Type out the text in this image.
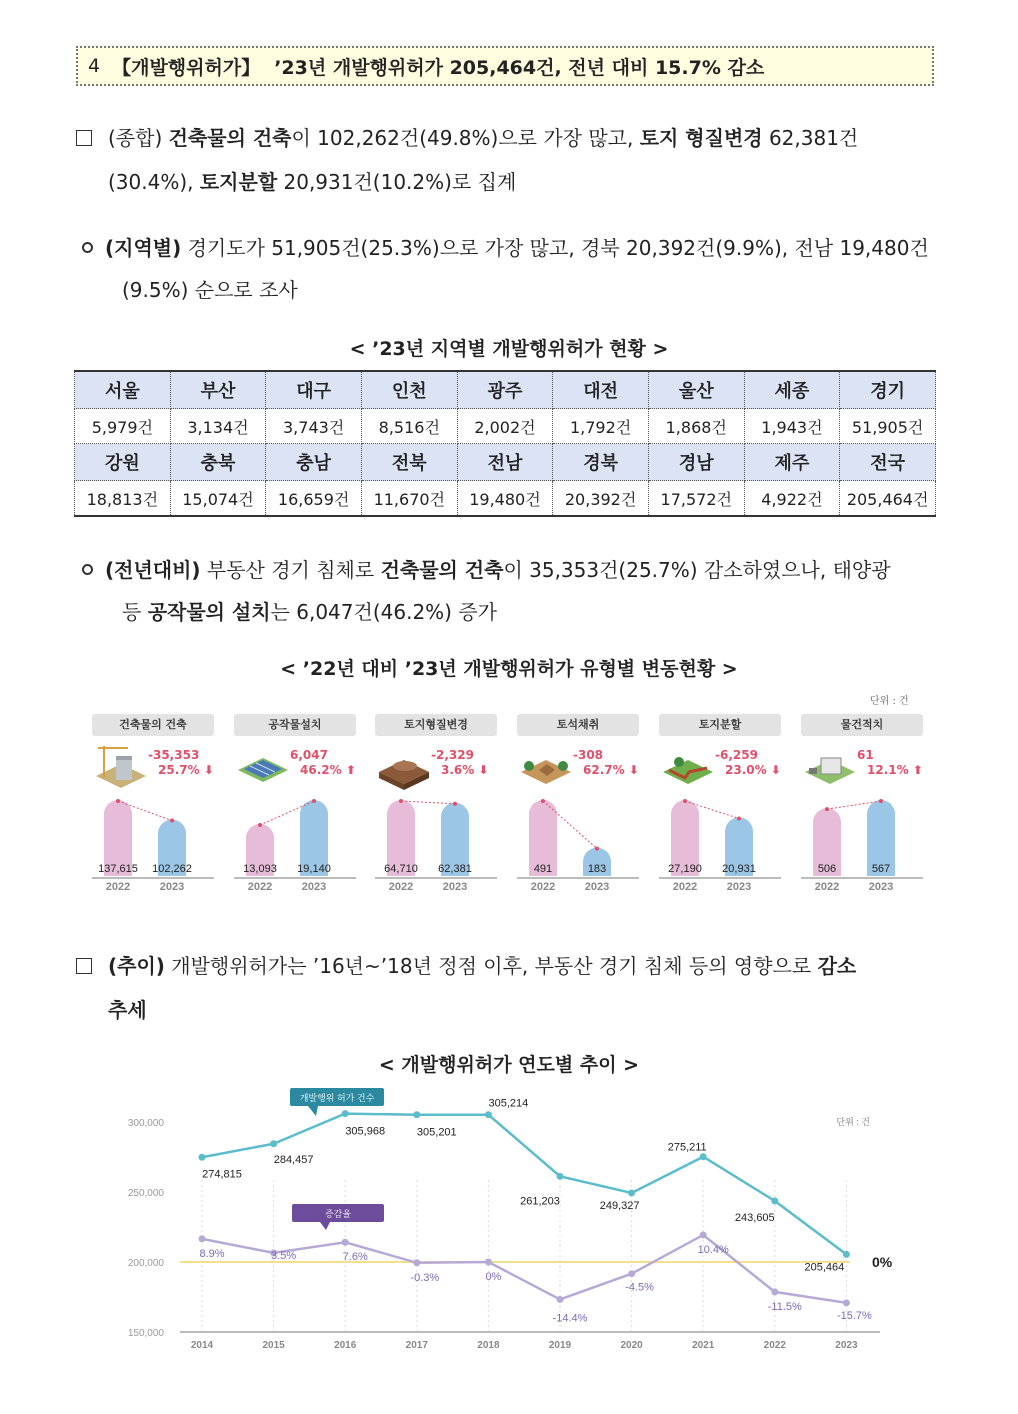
4 【개발행위허가】 ’23년 개발행위허가 205,464건, 전년 대비 15.7% 감소
(종합) 건축물의 건축이 102,262건(49.8%)으로 가장 많고, 토지 형질변경 62,381건
(30.4%), 토지분할 20,931건(10.2%)로 집계
(지역별) 경기도가 51,905건(25.3%)으로 가장 많고, 경북 20,392건(9.9%), 전남 19,480건
(9.5%) 순으로 조사
< ’23년 지역별 개발행위허가 현황 >
서울	부산	대구	인천	광주	대전	울산	세종	경기
5,979건	3,134건	3,743건	8,516건	2,002건	1,792건	1,868건	1,943건	51,905건
강원	충북	충남	전북	전남	경북	경남	제주	전국
18,813건	15,074건	16,659건	11,670건	19,480건	20,392건	17,572건	4,922건	205,464건
(전년대비) 부동산 경기 침체로 건축물의 건축이 35,353건(25.7%) 감소하였으나, 태양광
등 공작물의 설치는 6,047건(46.2%) 증가
< ’22년 대비 ’23년 개발행위허가 유형별 변동현황 >
단위 : 건
건축물의 건축
-35,353
25.7% ⬇
137,615 102,262
2022	2023
공작물설치
6,047
46.2% ⬆
13,093 19,140
2022	2023
토지형질변경
-2,329
3.6% ⬇
64,710 62,381
2022	2023
토석채취
-308
62.7% ⬇
491	183
2022	2023
토지분할
-6,259
23.0% ⬇
27,190 20,931
2022	2023
물건적치
61
12.1% ⬆
506	567
2022	2023
(추이) 개발행위허가는 ’16년~’18년 정점 이후, 부동산 경기 침체 등의 영향으로 감소
추세
< 개발행위허가 연도별 추이 >
150,000
200,000
250,000
300,000
2014	2015	2016	2017	2018	2019	2020	2021	2022	2023
0%
274,815
284,457
305,968	305,201
305,214
261,203	249,327
275,211
243,605
205,464
8.9%	3.5%	7.6%
-0.3%	0%
-14.4%
-4.5%
10.4%
-11.5%
-15.7%
개발행위 허가 건수
증감율
단위 : 건
